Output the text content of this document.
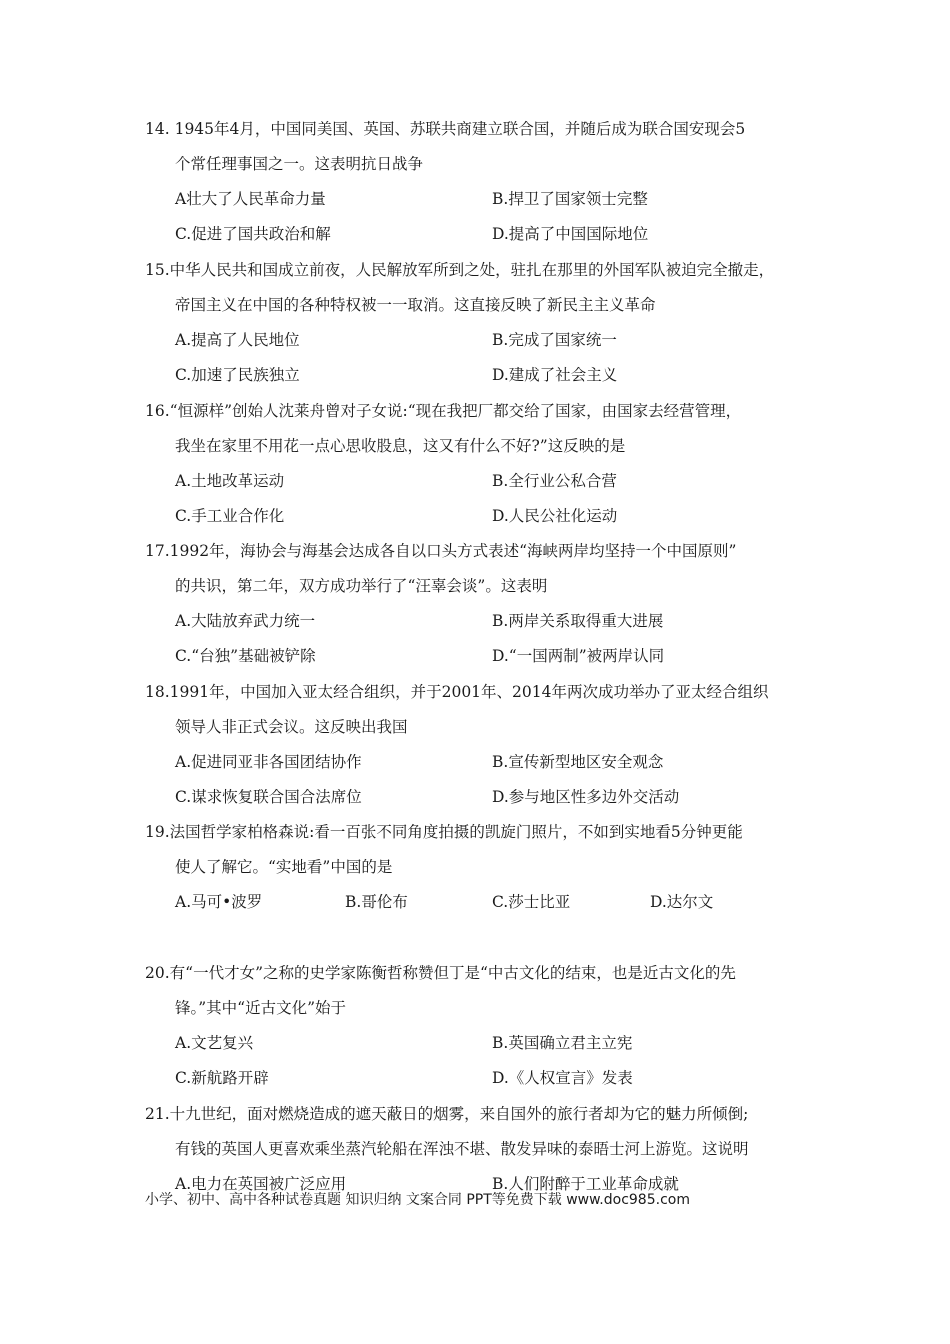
14. 1945年4月，中国同美国、英国、苏联共商建立联合国，并随后成为联合国安现会5
个常任理事国之一。这表明抗日战争
A壮大了人民革命力量	B.捍卫了国家领士完整
C.促进了国共政治和解	D.提高了中国国际地位
15.中华人民共和国成立前夜，人民解放军所到之处，驻扎在那里的外国军队被迫完全撤走，
帝国主义在中国的各种特权被一一取消。这直接反映了新民主主义革命
A.提高了人民地位	B.完成了国家统一
C.加速了民族独立	D.建成了社会主义
16.“恒源样”创始人沈莱舟曾对子女说:“现在我把厂都交给了国家，由国家去经营管理，
我坐在家里不用花一点心思收股息，这又有什么不好?”这反映的是
A.土地改革运动	B.全行业公私合营
C.手工业合作化	D.人民公社化运动
17.1992年，海协会与海基会达成各自以口头方式表述“海峡两岸均坚持一个中国原则”
的共识，第二年，双方成功举行了“汪辜会谈”。这表明
A.大陆放弃武力统一	B.两岸关系取得重大进展
C.“台独”基础被铲除	D.“一国两制”被两岸认同
18.1991年，中国加入亚太经合组织，并于2001年、2014年两次成功举办了亚太经合组织
领导人非正式会议。这反映出我国
A.促进同亚非各国团结协作	B.宣传新型地区安全观念
C.谋求恢复联合国合法席位	D.参与地区性多边外交活动
19.法国哲学家柏格森说:看一百张不同角度拍摄的凯旋门照片，不如到实地看5分钟更能
使人了解它。“实地看”中国的是
A.马可•波罗	B.哥伦布	C.莎士比亚	D.达尔文
20.有“一代才女”之称的史学家陈衡哲称赞但丁是“中古文化的结束，也是近古文化的先
锋。”其中“近古文化”始于
A.文艺复兴	B.英国确立君主立宪
C.新航路开辟	D.《人权宣言》发表
21.十九世纪，面对燃烧造成的遮天蔽日的烟雾，来自国外的旅行者却为它的魅力所倾倒;
有钱的英国人更喜欢乘坐蒸汽轮船在浑浊不堪、散发异味的泰晤士河上游览。这说明
A.电力在英国被广泛应用	B.人们附醉于工业革命成就
小学、初中、高中各种试卷真题 知识归纳 文案合同 PPT等免费下载 www.doc985.com
